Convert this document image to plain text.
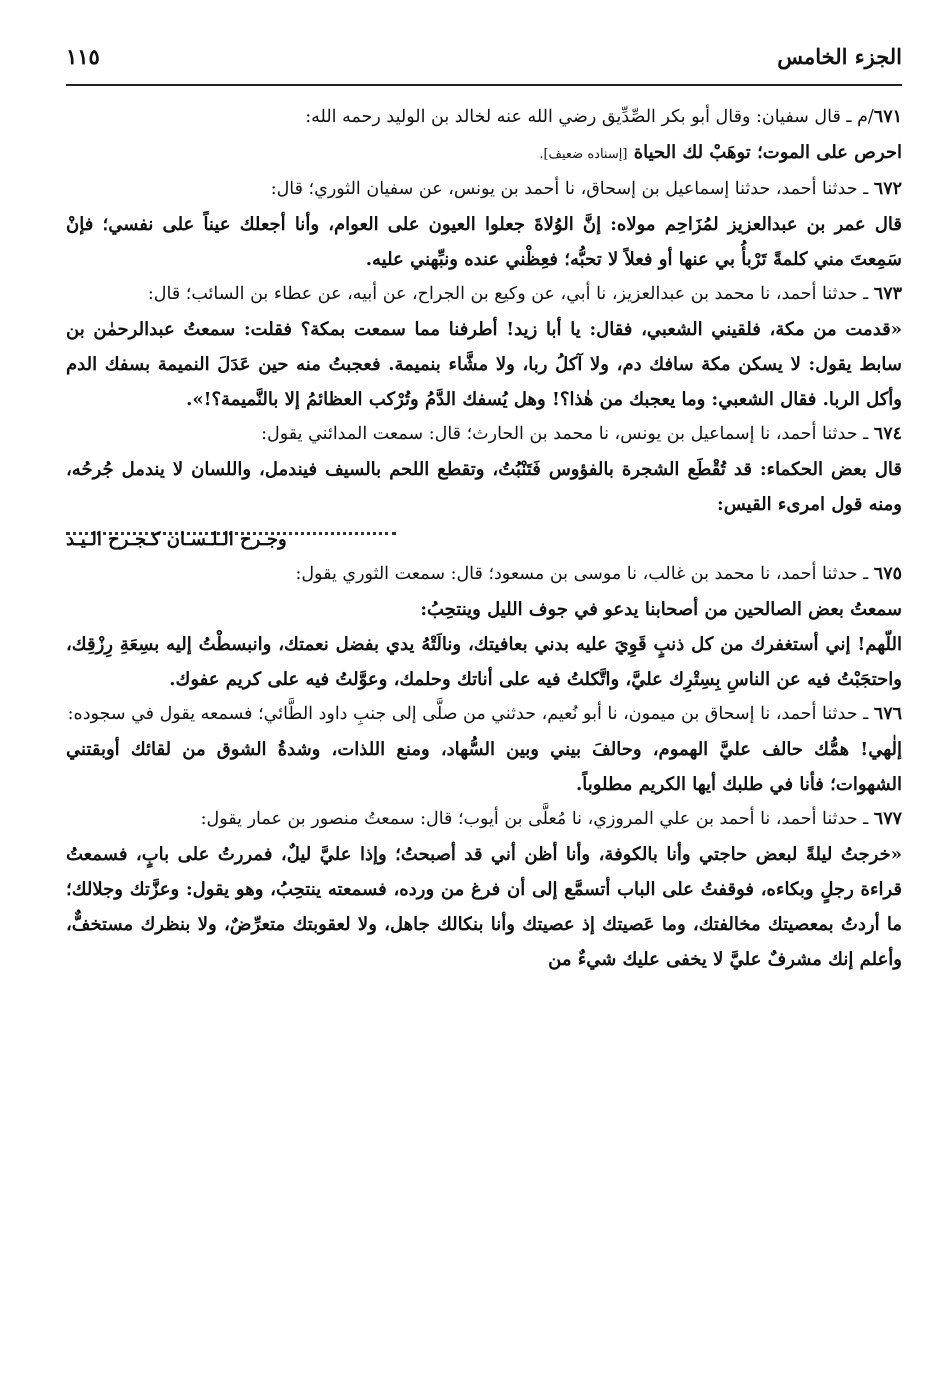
الجزء الخامس
١١٥

٦٧١/م ـ قال سفيان: وقال أبو بكر الصِّدِّيق رضي الله عنه لخالد بن الوليد رحمه الله:

احرص على الموت؛ توهَبْ لك الحياة [إسناده ضعيف].

٦٧٢ ـ حدثنا أحمد، حدثنا إسماعيل بن إسحاق، نا أحمد بن يونس، عن سفيان الثوري؛ قال:

قال عمر بن عبدالعزيز لمُزَاحِم مولاه: إنَّ الوُلاةَ جعلوا العيون على العوام، وأنا أجعلك عيناً على نفسي؛ فإنْ سَمِعتَ مني كلمةً تَرْبأُ بي عنها أو فعلاً لا تحبُّه؛ فعِظْني عنده ونبِّهني عليه.

٦٧٣ ـ حدثنا أحمد، نا محمد بن عبدالعزيز، نا أبي، عن وكيع بن الجراح، عن أبيه، عن عطاء بن السائب؛ قال:

«قدمت من مكة، فلقيني الشعبي، فقال: يا أبا زيد! أطرفنا مما سمعت بمكة؟ فقلت: سمعتُ عبدالرحمٰن بن سابط يقول: لا يسكن مكة سافك دم، ولا آكلُ ربا، ولا مشَّاء بنميمة. فعجبتُ منه حين عَدَلَ النميمة بسفك الدم وأكل الربا. فقال الشعبي: وما يعجبك من هٰذا؟! وهل يُسفك الدَّمُ وتُرْكب العظائمُ إلا بالنَّميمة؟!».

٦٧٤ ـ حدثنا أحمد، نا إسماعيل بن يونس، نا محمد بن الحارث؛ قال: سمعت المدائني يقول:

قال بعض الحكماء: قد تُقْطَع الشجرة بالفؤوس فَتَنْبُتُ، وتقطع اللحم بالسيف فيندمل، واللسان لا يندمل جُرحُه، ومنه قول امرىء القيس:

وجـرح الـلـسـان كـجـرح الـيـد

٦٧٥ ـ حدثنا أحمد، نا محمد بن غالب، نا موسى بن مسعود؛ قال: سمعت الثوري يقول:

سمعتُ بعض الصالحين من أصحابنا يدعو في جوف الليل وينتحِبُ:

اللّهم! إني أستغفرك من كل ذنبٍ قَوِيَ عليه بدني بعافيتك، ونالَتْهُ يدي بفضل نعمتك، وانبسطْتُ إليه بسِعَةِ رِزْقِك، واحتجَبْتُ فيه عن الناسِ بِسِتْرِك عليَّ، واتَّكلتُ فيه على أناتك وحلمك، وعوَّلتُ فيه على كريم عفوك.

٦٧٦ ـ حدثنا أحمد، نا إسحاق بن ميمون، نا أبو نُعيم، حدثني من صلَّى إلى جنبِ داود الطَّائي؛ فسمعه يقول في سجوده:

إلٰهي! همُّك حالف عليَّ الهموم، وحالفَ بيني وبين السُّهاد، ومنع اللذات، وشدةُ الشوق من لقائك أوبقتني الشهوات؛ فأنا في طلبك أيها الكريم مطلوباً.

٦٧٧ ـ حدثنا أحمد، نا أحمد بن علي المروزي، نا مُعلَّى بن أيوب؛ قال: سمعتُ منصور بن عمار يقول:

«خرجتُ ليلةً لبعض حاجتي وأنا بالكوفة، وأنا أظن أني قد أصبحتُ؛ وإذا عليَّ ليلٌ، فمررتُ على بابٍ، فسمعتُ قراءة رجلٍ وبكاءه، فوقفتُ على الباب أتسمَّع إلى أن فرغ من ورده، فسمعته ينتحِبُ، وهو يقول: وعزَّتك وجلالك؛ ما أردتُ بمعصيتك مخالفتك، وما عَصيتك إذ عصيتك وأنا بنكالك جاهل، ولا لعقوبتك متعرِّضٌ، ولا بنظرك مستخفٌّ، وأعلم إنك مشرفٌ عليَّ لا يخفى عليك شيءٌ من
